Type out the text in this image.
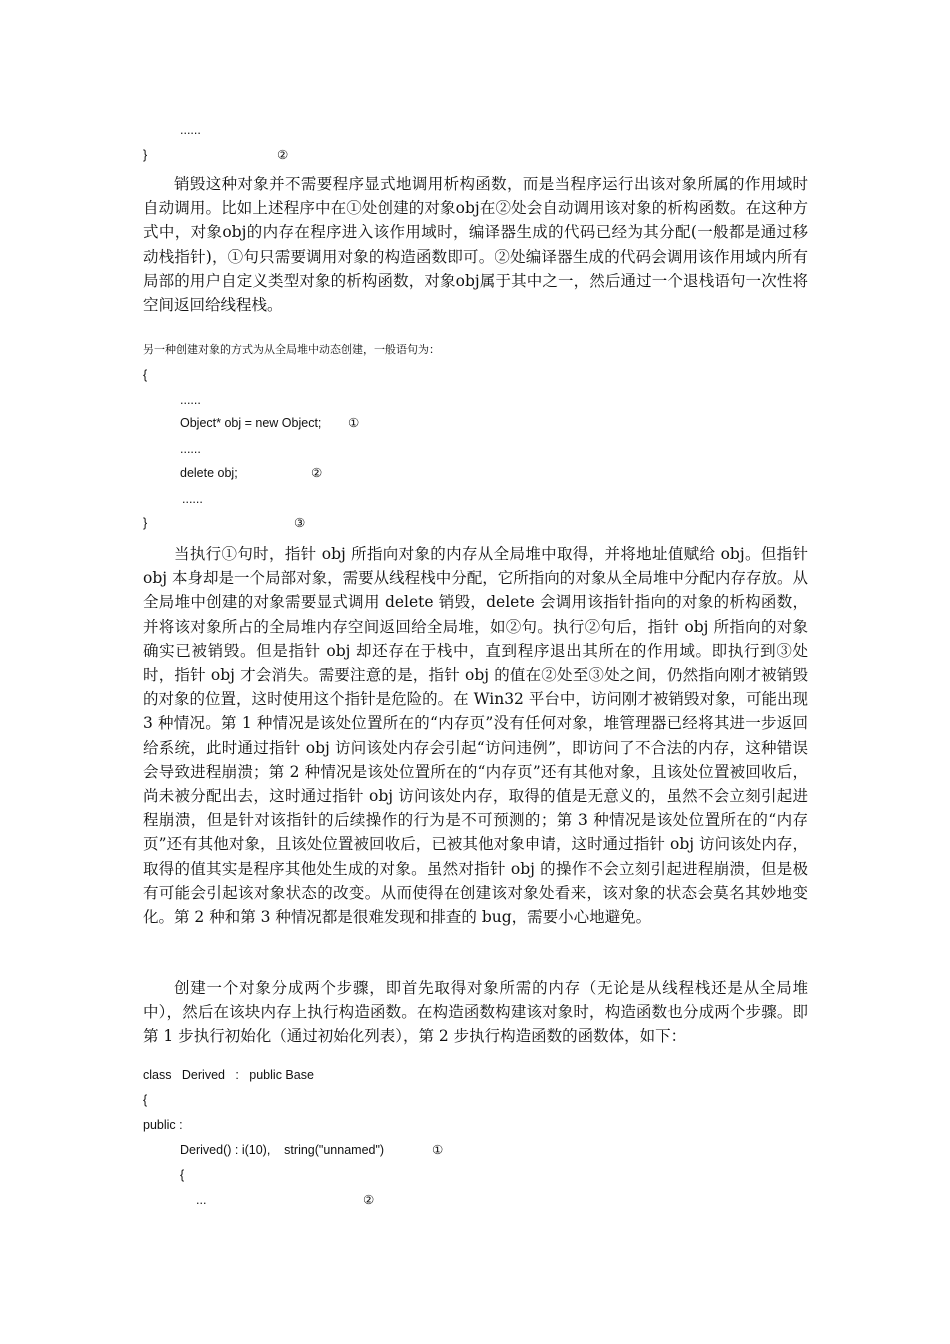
......
}	②

销毁这种对象并不需要程序显式地调用析构函数，而是当程序运行出该对象所属的作用域时自动调用。比如上述程序中在①处创建的对象obj在②处会自动调用该对象的析构函数。在这种方式中，对象obj的内存在程序进入该作用域时，编译器生成的代码已经为其分配(一般都是通过移动栈指针)，①句只需要调用对象的构造函数即可。②处编译器生成的代码会调用该作用域内所有局部的用户自定义类型对象的析构函数，对象obj属于其中之一，然后通过一个退栈语句一次性将空间返回给线程栈。

另一种创建对象的方式为从全局堆中动态创建，一般语句为：
{
......
Object* obj = new Object; ①
......
delete obj;	②
......
}	③

当执行①句时，指针 obj 所指向对象的内存从全局堆中取得，并将地址值赋给 obj。但指针 obj 本身却是一个局部对象，需要从线程栈中分配，它所指向的对象从全局堆中分配内存存放。从全局堆中创建的对象需要显式调用 delete 销毁，delete 会调用该指针指向的对象的析构函数，并将该对象所占的全局堆内存空间返回给全局堆，如②句。执行②句后，指针 obj 所指向的对象确实已被销毁。但是指针 obj 却还存在于栈中，直到程序退出其所在的作用域。即执行到③处时，指针 obj 才会消失。需要注意的是，指针 obj 的值在②处至③处之间，仍然指向刚才被销毁的对象的位置，这时使用这个指针是危险的。在 Win32 平台中，访问刚才被销毁对象，可能出现 3 种情况。第 1 种情况是该处位置所在的“内存页”没有任何对象，堆管理器已经将其进一步返回给系统，此时通过指针 obj 访问该处内存会引起“访问违例”，即访问了不合法的内存，这种错误会导致进程崩溃；第 2 种情况是该处位置所在的“内存页”还有其他对象，且该处位置被回收后，尚未被分配出去，这时通过指针 obj 访问该处内存，取得的值是无意义的，虽然不会立刻引起进程崩溃，但是针对该指针的后续操作的行为是不可预测的；第 3 种情况是该处位置所在的“内存页”还有其他对象，且该处位置被回收后，已被其他对象申请，这时通过指针 obj 访问该处内存，取得的值其实是程序其他处生成的对象。虽然对指针 obj 的操作不会立刻引起进程崩溃，但是极有可能会引起该对象状态的改变。从而使得在创建该对象处看来，该对象的状态会莫名其妙地变化。第 2 种和第 3 种情况都是很难发现和排查的 bug，需要小心地避免。

创建一个对象分成两个步骤，即首先取得对象所需的内存（无论是从线程栈还是从全局堆中），然后在该块内存上执行构造函数。在构造函数构建该对象时，构造函数也分成两个步骤。即第 1 步执行初始化（通过初始化列表），第 2 步执行构造函数的函数体，如下：

class   Derived   :   public Base
{
public :
Derived() : i(10),    string("unnamed")	①
{
...	②
